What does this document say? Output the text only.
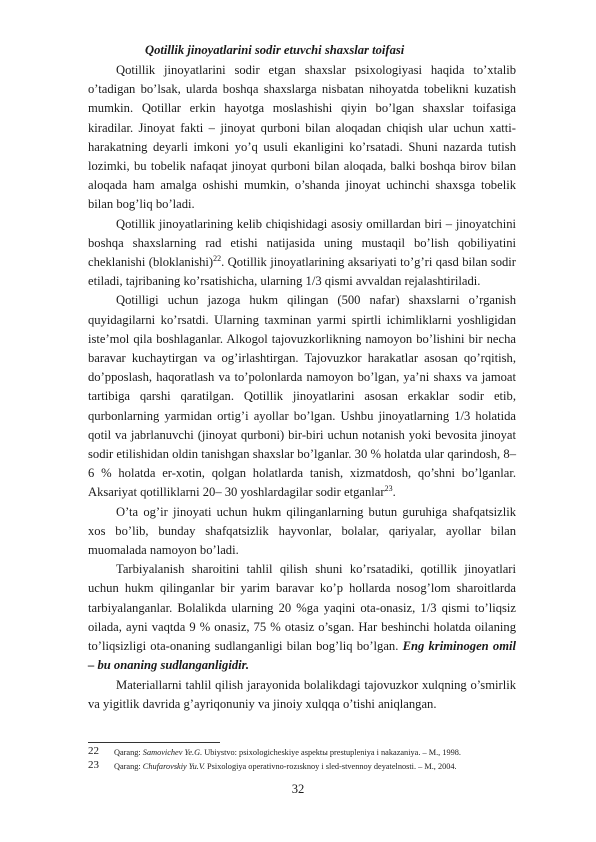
Qotillik jinoyatlarini sodir etuvchi shaxslar toifasi

Qotillik jinoyatlarini sodir etgan shaxslar psixologiyasi haqida to’xtalib o’tadigan bo’lsak, ularda boshqa shaxslarga nisbatan nihoyatda tobelikni kuzatish mumkin. Qotillar erkin hayotga moslashishi qiyin bo’lgan shaxslar toifasiga kiradilar. Jinoyat fakti – jinoyat qurboni bilan aloqadan chiqish ular uchun xatti-harakatning deyarli imkoni yo’q usuli ekanligini ko’rsatadi. Shuni nazarda tutish lozimki, bu tobelik nafaqat jinoyat qurboni bilan aloqada, balki boshqa birov bilan aloqada ham amalga oshishi mumkin, o’shanda jinoyat uchinchi shaxsga tobelik bilan bog’liq bo’ladi.

Qotillik jinoyatlarining kelib chiqishidagi asosiy omillardan biri – jinoyatchini boshqa shaxslarning rad etishi natijasida uning mustaqil bo’lish qobiliyatini cheklanishi (bloklanishi)$^{22}$. Qotillik jinoyatlarining aksariyati to’g’ri qasd bilan sodir etiladi, tajribaning ko’rsatishicha, ularning 1/3 qismi avvaldan rejalashtiriladi.

Qotilligi uchun jazoga hukm qilingan (500 nafar) shaxslarni o’rganish quyidagilarni ko’rsatdi. Ularning taxminan yarmi spirtli ichimliklarni yoshligidan iste’mol qila boshlaganlar. Alkogol tajovuzkorlikning namoyon bo’lishini bir necha baravar kuchaytirgan va og’irlashtirgan. Tajovuzkor harakatlar asosan qo’rqitish, do’pposlash, haqoratlash va to’polonlarda namoyon bo’lgan, ya’ni shaxs va jamoat tartibiga qarshi qaratilgan. Qotillik jinoyatlarini asosan erkaklar sodir etib, qurbonlarning yarmidan ortig’i ayollar bo’lgan. Ushbu jinoyatlarning 1/3 holatida qotil va jabrlanuvchi (jinoyat qurboni) bir-biri uchun notanish yoki bevosita jinoyat sodir etilishidan oldin tanishgan shaxslar bo’lganlar. 30 % holatda ular qarindosh, 8–6 % holatda er-xotin, qolgan holatlarda tanish, xizmatdosh, qo’shni bo’lganlar. Aksariyat qotilliklarni 20– 30 yoshlardagilar sodir etganlar$^{23}$.

O’ta og’ir jinoyati uchun hukm qilinganlarning butun guruhiga shafqatsizlik xos bo’lib, bunday shafqatsizlik hayvonlar, bolalar, qariyalar, ayollar bilan muomalada namoyon bo’ladi.

Tarbiyalanish sharoitini tahlil qilish shuni ko’rsatadiki, qotillik jinoyatlari uchun hukm qilinganlar bir yarim baravar ko’p hollarda nosog’lom sharoitlarda tarbiyalanganlar. Bolalikda ularning 20 %ga yaqini ota-onasiz, 1/3 qismi to’liqsiz oilada, ayni vaqtda 9 % onasiz, 75 % otasiz o’sgan. Har beshinchi holatda oilaning to’liqsizligi ota-onaning sudlanganligi bilan bog’liq bo’lgan. Eng kriminogen omil – bu onaning sudlanganligidir.

Materiallarni tahlil qilish jarayonida bolalikdagi tajovuzkor xulqning o’smirlik va yigitlik davrida g’ayriqonuniy va jinoiy xulqqa o’tishi aniqlangan.

22	Qarang: Samovichev Ye.G. Ubiystvo: psixologicheskiye aspektы prestupleniya i nakazaniya. – M., 1998.
23	Qarang: Chufarovskiy Yu.V. Psixologiya operativno-rozısknoy i sled-stvennoy deyatelnosti. – M., 2004.
32
